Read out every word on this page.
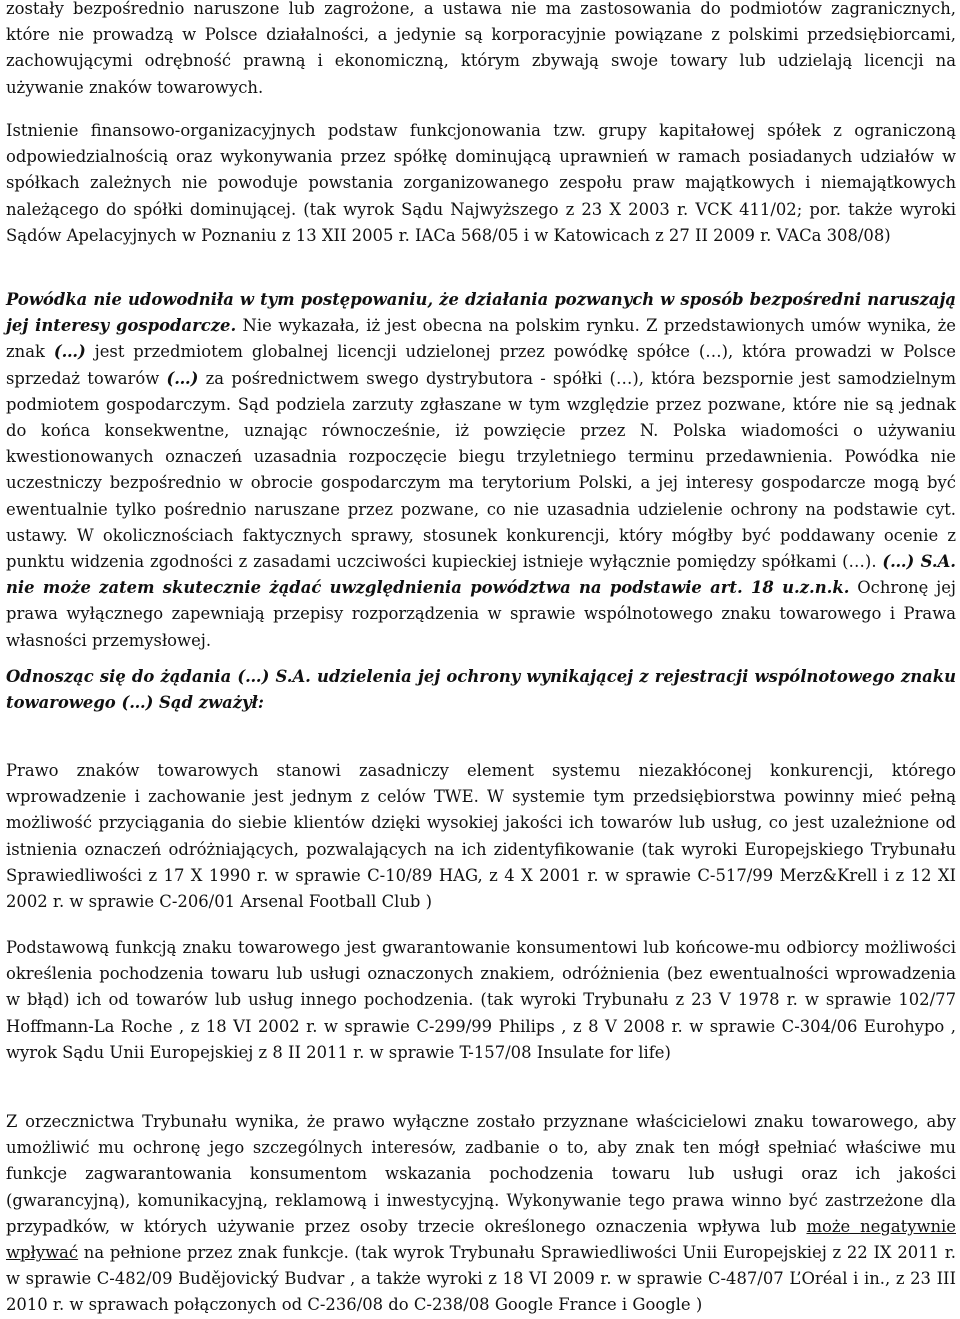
zostały bezpośrednio naruszone lub zagrożone, a ustawa nie ma zastosowania do podmiotów zagranicznych, które nie prowadzą w Polsce działalności, a jedynie są korporacyjnie powiązane z polskimi przedsiębiorcami, zachowującymi odrębność prawną i ekonomiczną, którym zbywają swoje towary lub udzielają licencji na używanie znaków towarowych.

Istnienie finansowo-organizacyjnych podstaw funkcjonowania tzw. grupy kapitałowej spółek z ograniczoną odpowiedzialnością oraz wykonywania przez spółkę dominującą uprawnień w ramach posiadanych udziałów w spółkach zależnych nie powoduje powstania zorganizowanego zespołu praw majątkowych i niemajątkowych należącego do spółki dominującej. (tak wyrok Sądu Najwyższego z 23 X 2003 r. VCK 411/02; por. także wyroki Sądów Apelacyjnych w Poznaniu z 13 XII 2005 r. IACa 568/05 i w Katowicach z 27 II 2009 r. VACa 308/08)

Powódka nie udowodniła w tym postępowaniu, że działania pozwanych w sposób bezpośredni naruszają jej interesy gospodarcze. Nie wykazała, iż jest obecna na polskim rynku. Z przedstawionych umów wynika, że znak (…) jest przedmiotem globalnej licencji udzielonej przez powódkę spółce (…), która prowadzi w Polsce sprzedaż towarów (…) za pośrednictwem swego dystrybutora - spółki (…), która bezspornie jest samodzielnym podmiotem gospodarczym. Sąd podziela zarzuty zgłaszane w tym względzie przez pozwane, które nie są jednak do końca konsekwentne, uznając równocześnie, iż powzięcie przez N. Polska wiadomości o używaniu kwestionowanych oznaczeń uzasadnia rozpoczęcie biegu trzyletniego terminu przedawnienia. Powódka nie uczestniczy bezpośrednio w obrocie gospodarczym ma terytorium Polski, a jej interesy gospodarcze mogą być ewentualnie tylko pośrednio naruszane przez pozwane, co nie uzasadnia udzielenie ochrony na podstawie cyt. ustawy. W okolicznościach faktycznych sprawy, stosunek konkurencji, który mógłby być poddawany ocenie z punktu widzenia zgodności z zasadami uczciwości kupieckiej istnieje wyłącznie pomiędzy spółkami (…). (…) S.A. nie może zatem skutecznie żądać uwzględnienia powództwa na podstawie art. 18 u.z.n.k. Ochronę jej prawa wyłącznego zapewniają przepisy rozporządzenia w sprawie wspólnotowego znaku towarowego i Prawa własności przemysłowej.

Odnosząc się do żądania (…) S.A. udzielenia jej ochrony wynikającej z rejestracji wspólnotowego znaku towarowego (…) Sąd zważył:

Prawo znaków towarowych stanowi zasadniczy element systemu niezakłóconej konkurencji, którego wprowadzenie i zachowanie jest jednym z celów TWE. W systemie tym przedsiębiorstwa powinny mieć pełną możliwość przyciągania do siebie klientów dzięki wysokiej jakości ich towarów lub usług, co jest uzależnione od istnienia oznaczeń odróżniających, pozwalających na ich zidentyfikowanie (tak wyroki Europejskiego Trybunału Sprawiedliwości z 17 X 1990 r. w sprawie C-10/89 HAG, z 4 X 2001 r. w sprawie C-517/99 Merz&Krell i z 12 XI 2002 r. w sprawie C-206/01 Arsenal Football Club )

Podstawową funkcją znaku towarowego jest gwarantowanie konsumentowi lub końcowe-mu odbiorcy możliwości określenia pochodzenia towaru lub usługi oznaczonych znakiem, odróżnienia (bez ewentualności wprowadzenia w błąd) ich od towarów lub usług innego pochodzenia. (tak wyroki Trybunału z 23 V 1978 r. w sprawie 102/77 Hoffmann-La Roche , z 18 VI 2002 r. w sprawie C-299/99 Philips , z 8 V 2008 r. w sprawie C-304/06 Eurohypo , wyrok Sądu Unii Europejskiej z 8 II 2011 r. w sprawie T-157/08 Insulate for life)

Z orzecznictwa Trybunału wynika, że prawo wyłączne zostało przyznane właścicielowi znaku towarowego, aby umożliwić mu ochronę jego szczególnych interesów, zadbanie o to, aby znak ten mógł spełniać właściwe mu funkcje zagwarantowania konsumentom wskazania pochodzenia towaru lub usługi oraz ich jakości (gwarancyjną), komunikacyjną, reklamową i inwestycyjną. Wykonywanie tego prawa winno być zastrzeżone dla przypadków, w których używanie przez osoby trzecie określonego oznaczenia wpływa lub może negatywnie wpływać na pełnione przez znak funkcje. (tak wyrok Trybunału Sprawiedliwości Unii Europejskiej z 22 IX 2011 r. w sprawie C-482/09 Budějovický Budvar , a także wyroki z 18 VI 2009 r. w sprawie C-487/07 L’Oréal i in., z 23 III 2010 r. w sprawach połączonych od C-236/08 do C-238/08 Google France i Google )
